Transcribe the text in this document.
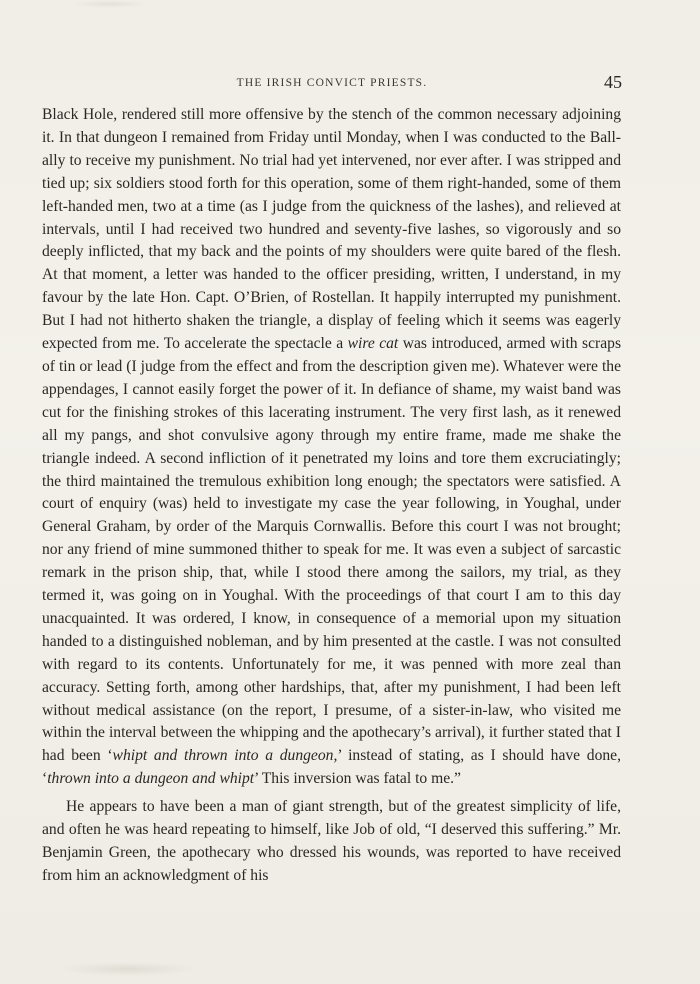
THE IRISH CONVICT PRIESTS.	45

Black Hole, rendered still more offensive by the stench of the common necessary adjoining it. In that dungeon I remained from Friday until Monday, when I was conducted to the Ball-ally to receive my punishment. No trial had yet intervened, nor ever after. I was stripped and tied up; six soldiers stood forth for this operation, some of them right-handed, some of them left-handed men, two at a time (as I judge from the quickness of the lashes), and relieved at intervals, until I had received two hundred and seventy-five lashes, so vigorously and so deeply inflicted, that my back and the points of my shoulders were quite bared of the flesh. At that moment, a letter was handed to the officer presiding, written, I understand, in my favour by the late Hon. Capt. O’Brien, of Rostellan. It happily interrupted my punishment. But I had not hitherto shaken the triangle, a display of feeling which it seems was eagerly expected from me. To accelerate the spectacle a wire cat was introduced, armed with scraps of tin or lead (I judge from the effect and from the description given me). Whatever were the appendages, I cannot easily forget the power of it. In defiance of shame, my waist band was cut for the finishing strokes of this lacerating instrument. The very first lash, as it renewed all my pangs, and shot convulsive agony through my entire frame, made me shake the triangle indeed. A second infliction of it penetrated my loins and tore them excruciatingly; the third maintained the tremulous exhibition long enough; the spectators were satisfied. A court of enquiry (was) held to investigate my case the year following, in Youghal, under General Graham, by order of the Marquis Cornwallis. Before this court I was not brought; nor any friend of mine summoned thither to speak for me. It was even a subject of sarcastic remark in the prison ship, that, while I stood there among the sailors, my trial, as they termed it, was going on in Youghal. With the proceedings of that court I am to this day unacquainted. It was ordered, I know, in consequence of a memorial upon my situation handed to a distinguished nobleman, and by him presented at the castle. I was not consulted with regard to its contents. Unfortunately for me, it was penned with more zeal than accuracy. Setting forth, among other hardships, that, after my punishment, I had been left without medical assistance (on the report, I presume, of a sister-in-law, who visited me within the interval between the whipping and the apothecary’s arrival), it further stated that I had been ‘whipt and thrown into a dungeon,’ instead of stating, as I should have done, ‘thrown into a dungeon and whipt’ This inversion was fatal to me.”

He appears to have been a man of giant strength, but of the greatest simplicity of life, and often he was heard repeating to himself, like Job of old, “I deserved this suffering.” Mr. Benjamin Green, the apothecary who dressed his wounds, was reported to have received from him an acknowledgment of his
